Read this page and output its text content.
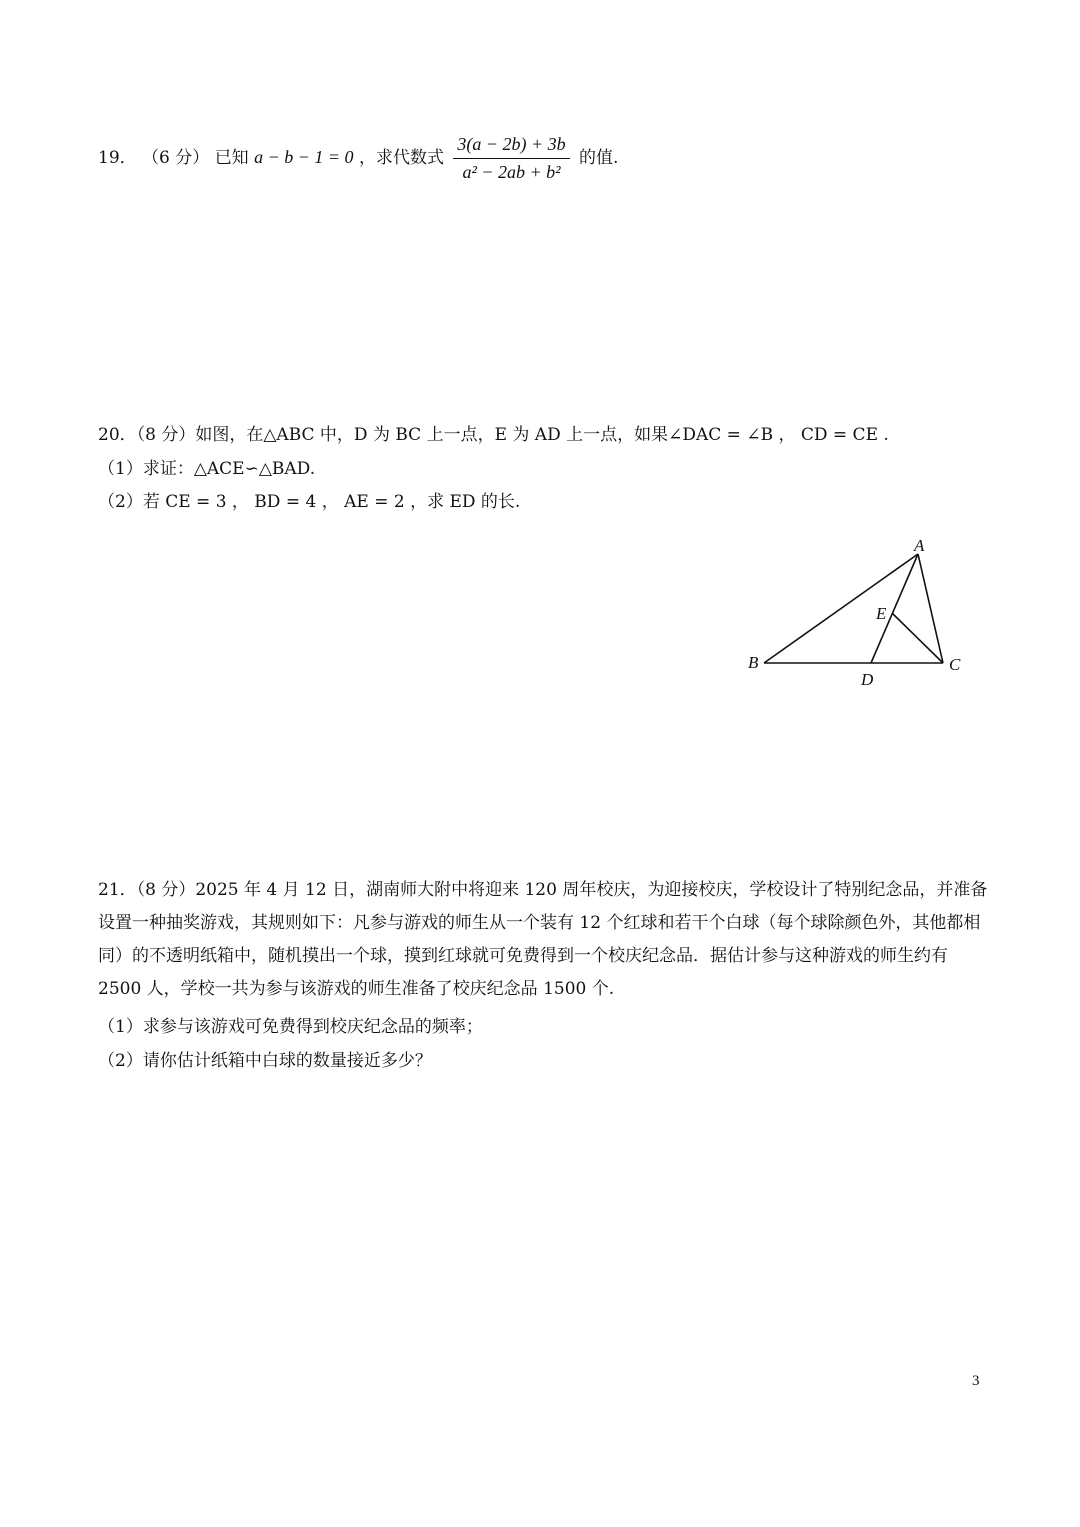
19． （6 分） 已知 a − b − 1 = 0 ，求代数式 $\frac{3(a - 2b) + 3b}{\text{a² − 2ab + b²}}$ 的值.
20．（8 分）如图，在△ABC 中，D 为 BC 上一点，E 为 AD 上一点，如果∠DAC = ∠B ， CD = CE .
（1）求证：△ACE∽△BAD.
（2）若 CE = 3 ， BD = 4 ， AE = 2 ，求 ED 的长.
A
B	C
D
E
21．（8 分）2025 年 4 月 12 日，湖南师大附中将迎来 120 周年校庆，为迎接校庆，学校设计了特别纪念品，并准备设置一种抽奖游戏，其规则如下：凡参与游戏的师生从一个装有 12 个红球和若干个白球（每个球除颜色外，其他都相同）的不透明纸箱中，随机摸出一个球，摸到红球就可免费得到一个校庆纪念品．据估计参与这种游戏的师生约有 2500 人，学校一共为参与该游戏的师生准备了校庆纪念品 1500 个.
（1）求参与该游戏可免费得到校庆纪念品的频率；
（2）请你估计纸箱中白球的数量接近多少？
3
